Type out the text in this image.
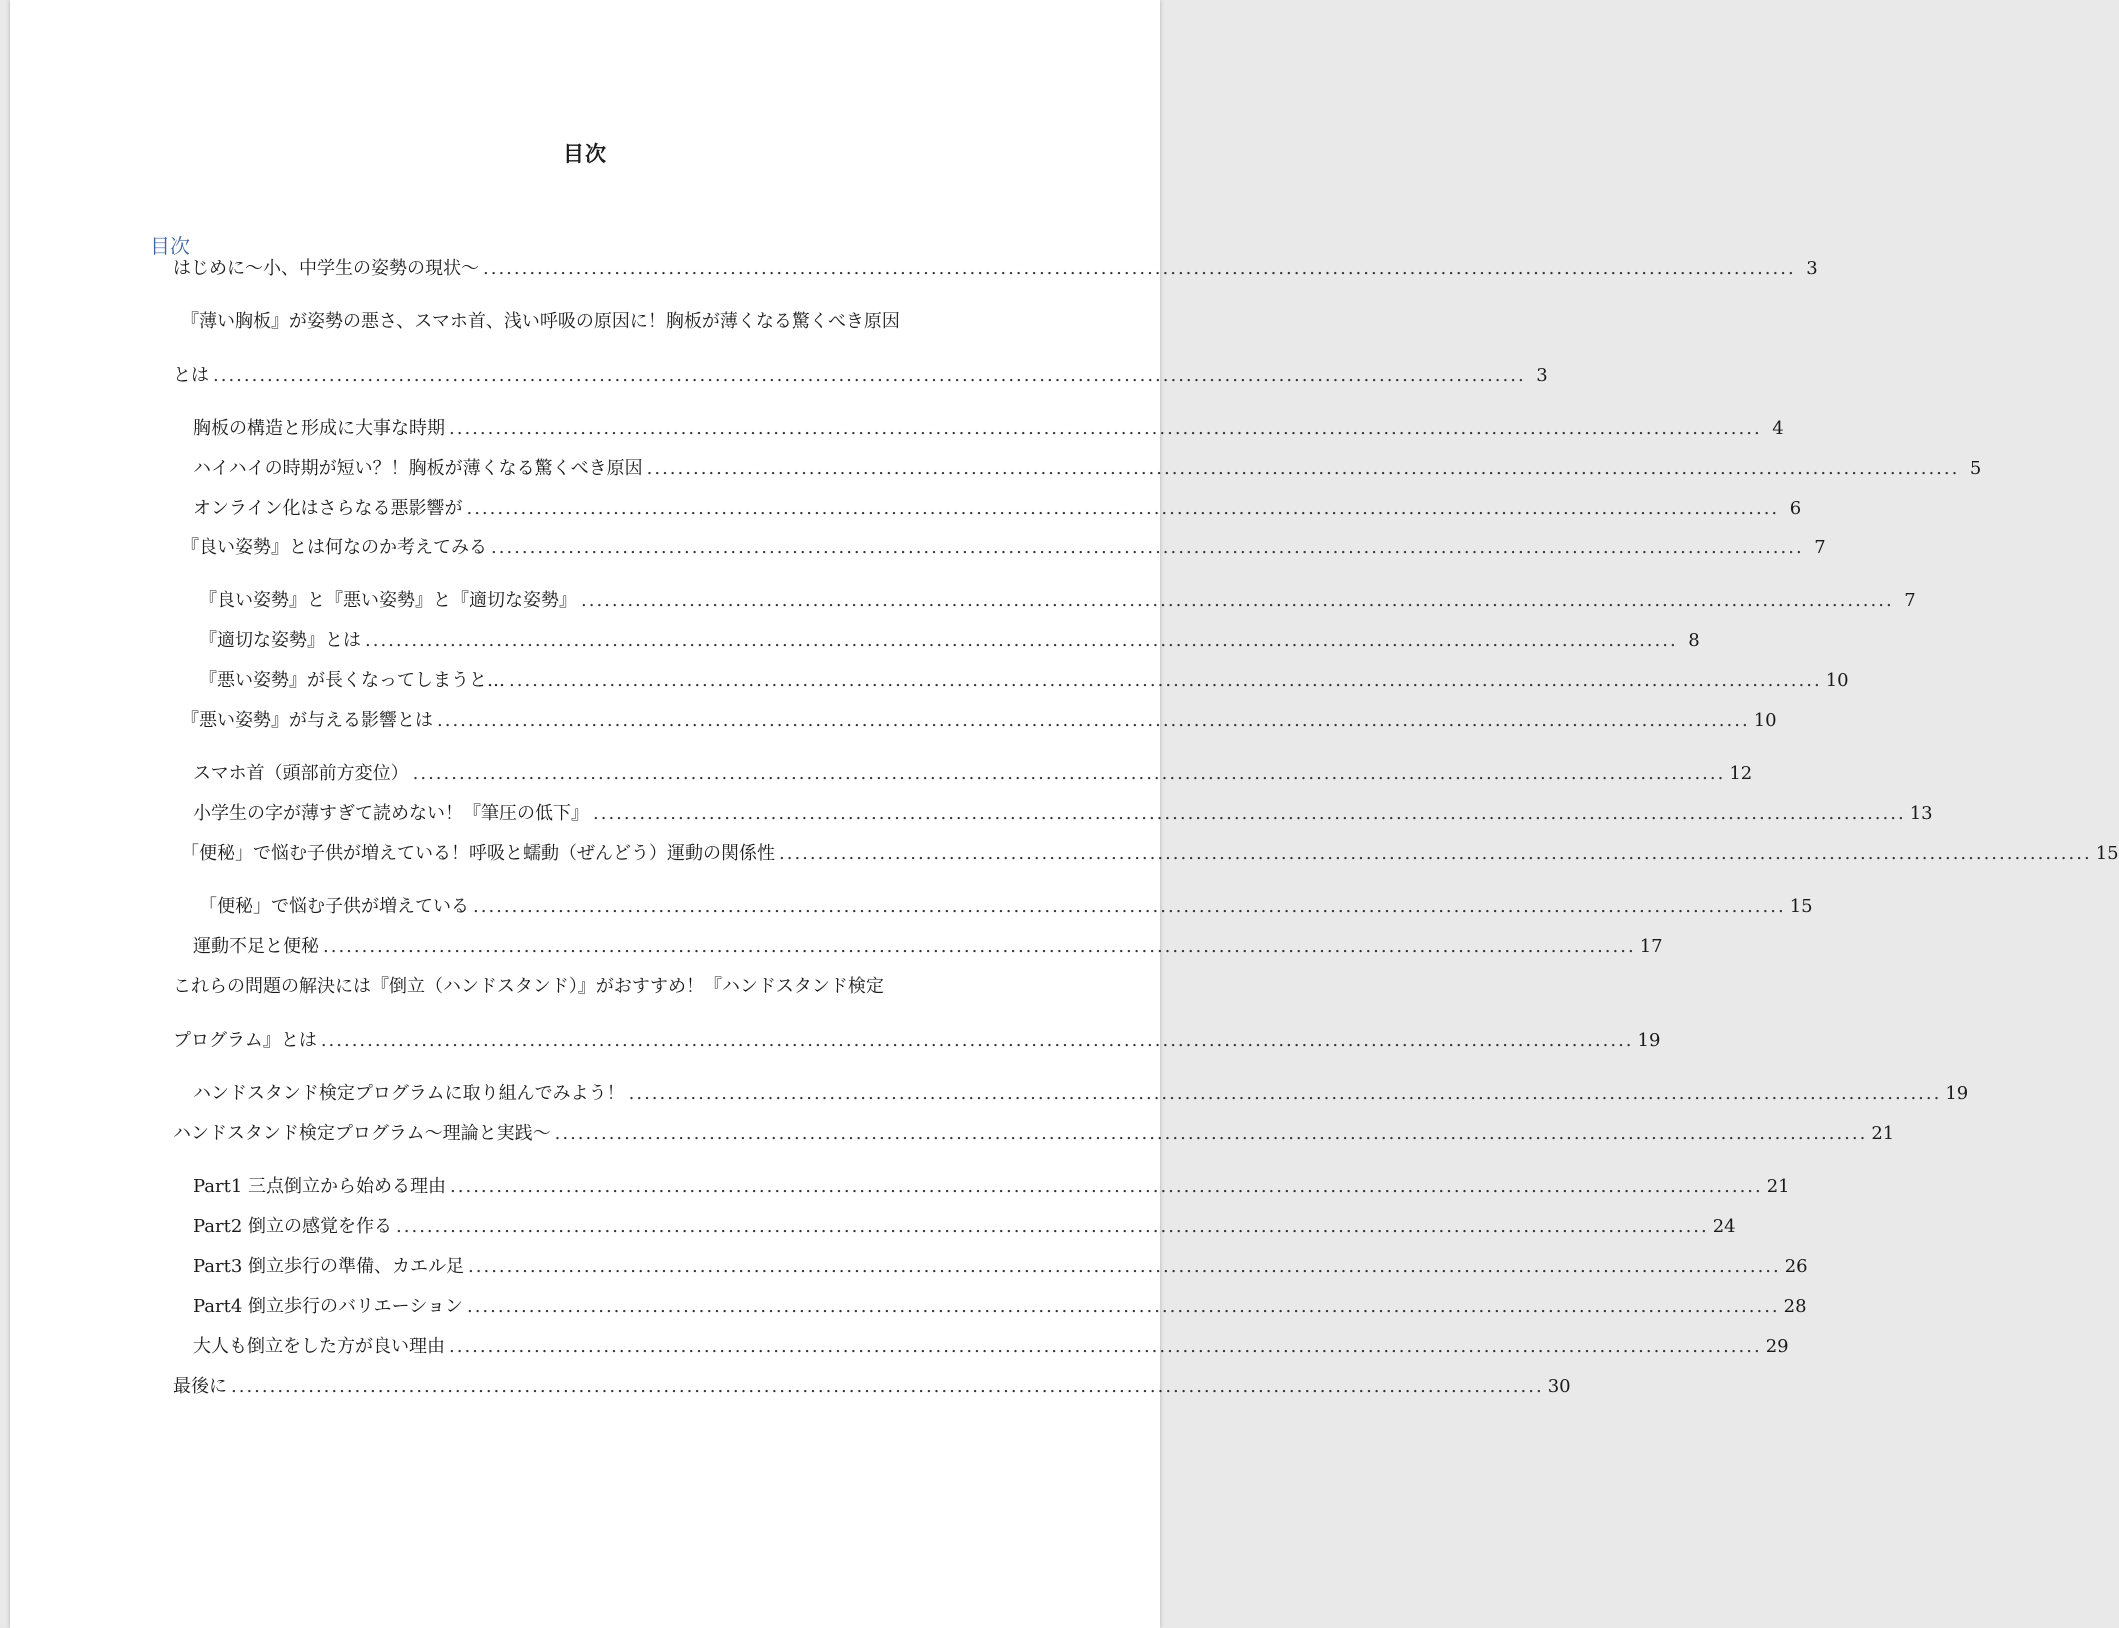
目次
目次
はじめに〜小、中学生の姿勢の現状〜 .......................................................................................................................................................................... 3
『薄い胸板』が姿勢の悪さ、スマホ首、浅い呼吸の原因に！胸板が薄くなる驚くべき原因
とは .......................................................................................................................................................................... 3
胸板の構造と形成に大事な時期 .......................................................................................................................................................................... 4
ハイハイの時期が短い？！胸板が薄くなる驚くべき原因 .......................................................................................................................................................................... 5
オンライン化はさらなる悪影響が .......................................................................................................................................................................... 6
『良い姿勢』とは何なのか考えてみる .......................................................................................................................................................................... 7
『良い姿勢』と『悪い姿勢』と『適切な姿勢』 .......................................................................................................................................................................... 7
『適切な姿勢』とは .......................................................................................................................................................................... 8
『悪い姿勢』が長くなってしまうと… .......................................................................................................................................................................... 10
『悪い姿勢』が与える影響とは .......................................................................................................................................................................... 10
スマホ首（頭部前方変位） .......................................................................................................................................................................... 12
小学生の字が薄すぎて読めない！『筆圧の低下』 .......................................................................................................................................................................... 13
「便秘」で悩む子供が増えている！呼吸と蠕動（ぜんどう）運動の関係性 .......................................................................................................................................................................... 15
「便秘」で悩む子供が増えている .......................................................................................................................................................................... 15
運動不足と便秘 .......................................................................................................................................................................... 17
これらの問題の解決には『倒立（ハンドスタンド）』がおすすめ！『ハンドスタンド検定
プログラム』とは .......................................................................................................................................................................... 19
ハンドスタンド検定プログラムに取り組んでみよう！ .......................................................................................................................................................................... 19
ハンドスタンド検定プログラム〜理論と実践〜 .......................................................................................................................................................................... 21
Part1 三点倒立から始める理由 .......................................................................................................................................................................... 21
Part2 倒立の感覚を作る .......................................................................................................................................................................... 24
Part3 倒立歩行の準備、カエル足 .......................................................................................................................................................................... 26
Part4 倒立歩行のバリエーション .......................................................................................................................................................................... 28
大人も倒立をした方が良い理由 .......................................................................................................................................................................... 29
最後に .......................................................................................................................................................................... 30
